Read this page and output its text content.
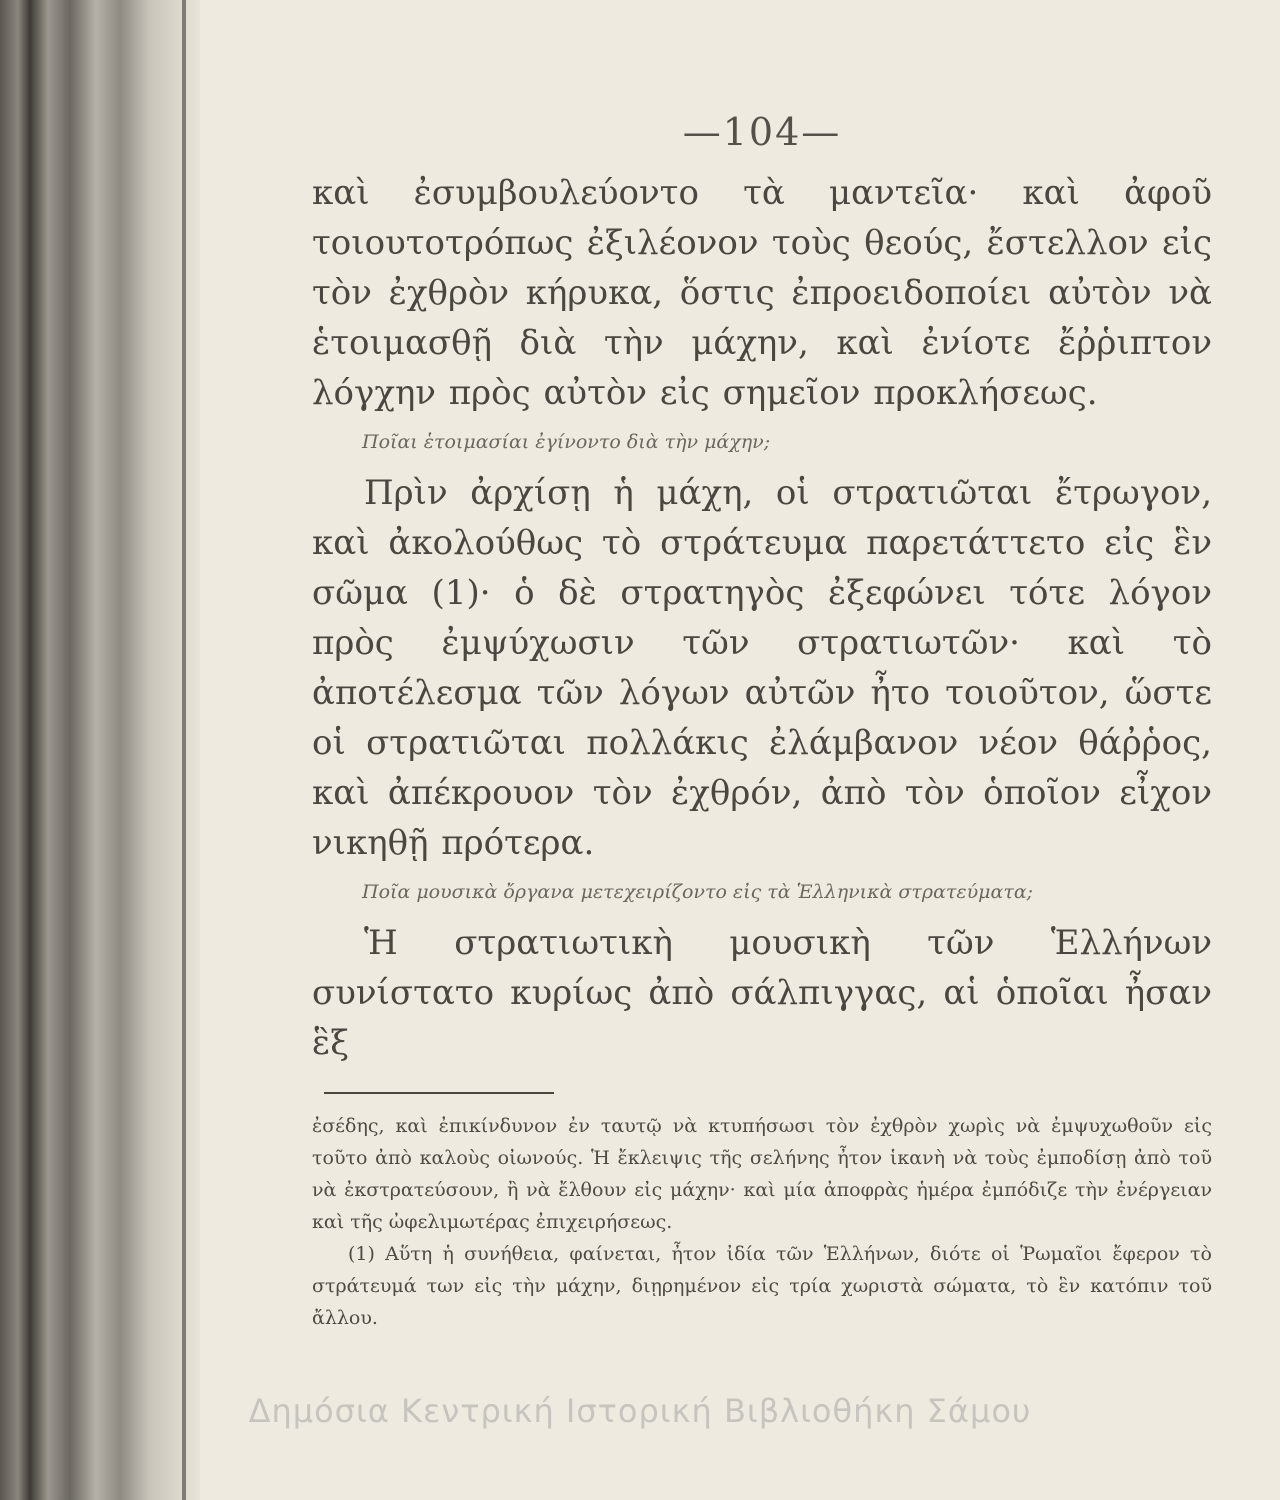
—104—

καὶ ἐσυμβουλεύοντο τὰ μαντεῖα· καὶ ἀφοῦ τοιουτοτρόπως ἐξιλέονον τοὺς θεούς, ἔστελλον εἰς τὸν ἐχθρὸν κήρυκα, ὅστις ἐπροειδοποίει αὐτὸν νὰ ἑτοιμασθῇ διὰ τὴν μάχην, καὶ ἐνίοτε ἔῤῥιπτον λόγχην πρὸς αὐτὸν εἰς σημεῖον προκλήσεως.

Ποῖαι ἑτοιμασίαι ἐγίνοντο διὰ τὴν μάχην;

Πρὶν ἀρχίσῃ ἡ μάχη, οἱ στρατιῶται ἔτρωγον, καὶ ἀκολούθως τὸ στράτευμα παρετάττετο εἰς ἓν σῶμα (1)· ὁ δὲ στρατηγὸς ἐξεφώνει τότε λόγον πρὸς ἐμψύχωσιν τῶν στρατιωτῶν· καὶ τὸ ἀποτέλεσμα τῶν λόγων αὐτῶν ἦτο τοιοῦτον, ὥστε οἱ στρατιῶται πολλάκις ἐλάμβανον νέον θάῤῥος, καὶ ἀπέκρουον τὸν ἐχθρόν, ἀπὸ τὸν ὁποῖον εἶχον νικηθῇ πρότερα.

Ποῖα μουσικὰ ὄργανα μετεχειρίζοντο εἰς τὰ Ἑλληνικὰ στρατεύματα;

Ἡ στρατιωτικὴ μουσικὴ τῶν Ἑλλήνων συνίστατο κυρίως ἀπὸ σάλπιγγας, αἱ ὁποῖαι ἦσαν ἓξ

ἐσέδης, καὶ ἐπικίνδυνον ἐν ταυτῷ νὰ κτυπήσωσι τὸν ἐχθρὸν χωρὶς νὰ ἐμψυχωθοῦν εἰς τοῦτο ἀπὸ καλοὺς οἰωνούς. Ἡ ἔκλειψις τῆς σελήνης ἦτον ἱκανὴ νὰ τοὺς ἐμποδίσῃ ἀπὸ τοῦ νὰ ἐκστρατεύσουν, ἢ νὰ ἔλθουν εἰς μάχην· καὶ μία ἀποφρὰς ἡμέρα ἐμπόδιζε τὴν ἐνέργειαν καὶ τῆς ὠφελιμωτέρας ἐπιχειρήσεως.

(1) Αὕτη ἡ συνήθεια, φαίνεται, ἦτον ἰδία τῶν Ἑλλήνων, διότε οἱ Ῥωμαῖοι ἔφερον τὸ στράτευμά των εἰς τὴν μάχην, διῃρημένον εἰς τρία χωριστὰ σώματα, τὸ ἓν κατόπιν τοῦ ἄλλου.

Δημόσια Κεντρική Ιστορική Βιβλιοθήκη Σάμου
